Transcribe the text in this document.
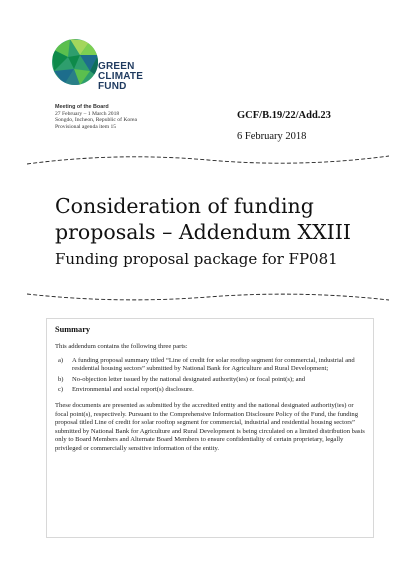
GREEN
CLIMATE
FUND
Meeting of the Board
27 February – 1 March 2018
Songdo, Incheon, Republic of Korea
Provisional agenda item 15
GCF/B.19/22/Add.23
6 February 2018
Consideration of funding proposals – Addendum XXIII
Funding proposal package for FP081
Summary

This addendum contains the following three parts:

a) A funding proposal summary titled “Line of credit for solar rooftop segment for commercial, industrial and residential housing sectors” submitted by National Bank for Agriculture and Rural Development;
b) No-objection letter issued by the national designated authority(ies) or focal point(s); and
c) Environmental and social report(s) disclosure.

These documents are presented as submitted by the accredited entity and the national designated authority(ies) or focal point(s), respectively. Pursuant to the Comprehensive Information Disclosure Policy of the Fund, the funding proposal titled Line of credit for solar rooftop segment for commercial, industrial and residential housing sectors” submitted by National Bank for Agriculture and Rural Development is being circulated on a limited distribution basis only to Board Members and Alternate Board Members to ensure confidentiality of certain proprietary, legally privileged or commercially sensitive information of the entity.
